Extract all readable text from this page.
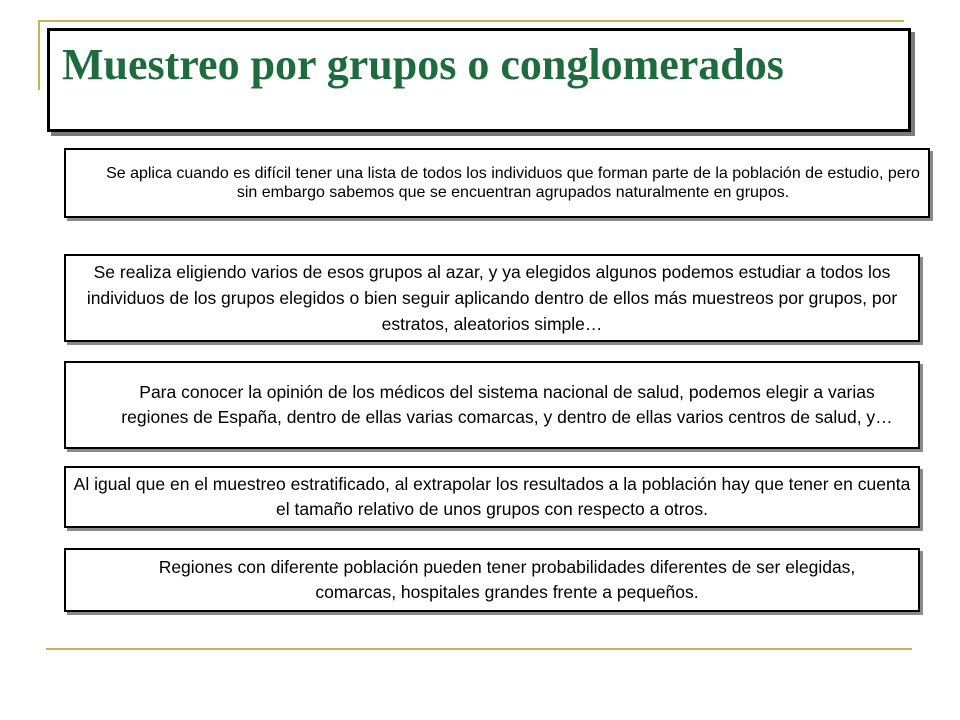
Muestreo por grupos o conglomerados
Se aplica cuando es difícil tener una lista de todos los individuos que forman parte de la población de estudio, pero sin embargo sabemos que se encuentran agrupados naturalmente en grupos.
Se realiza eligiendo varios de esos grupos al azar, y ya elegidos algunos podemos estudiar a todos los individuos de los grupos elegidos o bien seguir aplicando dentro de ellos más muestreos por grupos, por estratos, aleatorios simple…
Para conocer la opinión de los médicos del sistema nacional de salud, podemos elegir a varias regiones de España, dentro de ellas varias comarcas, y dentro de ellas varios centros de salud, y…
Al igual que en el muestreo estratificado, al extrapolar los resultados a la población hay que tener en cuenta el tamaño relativo de unos grupos con respecto a otros.
Regiones con diferente población pueden tener probabilidades diferentes de ser elegidas, comarcas, hospitales grandes frente a pequeños.
